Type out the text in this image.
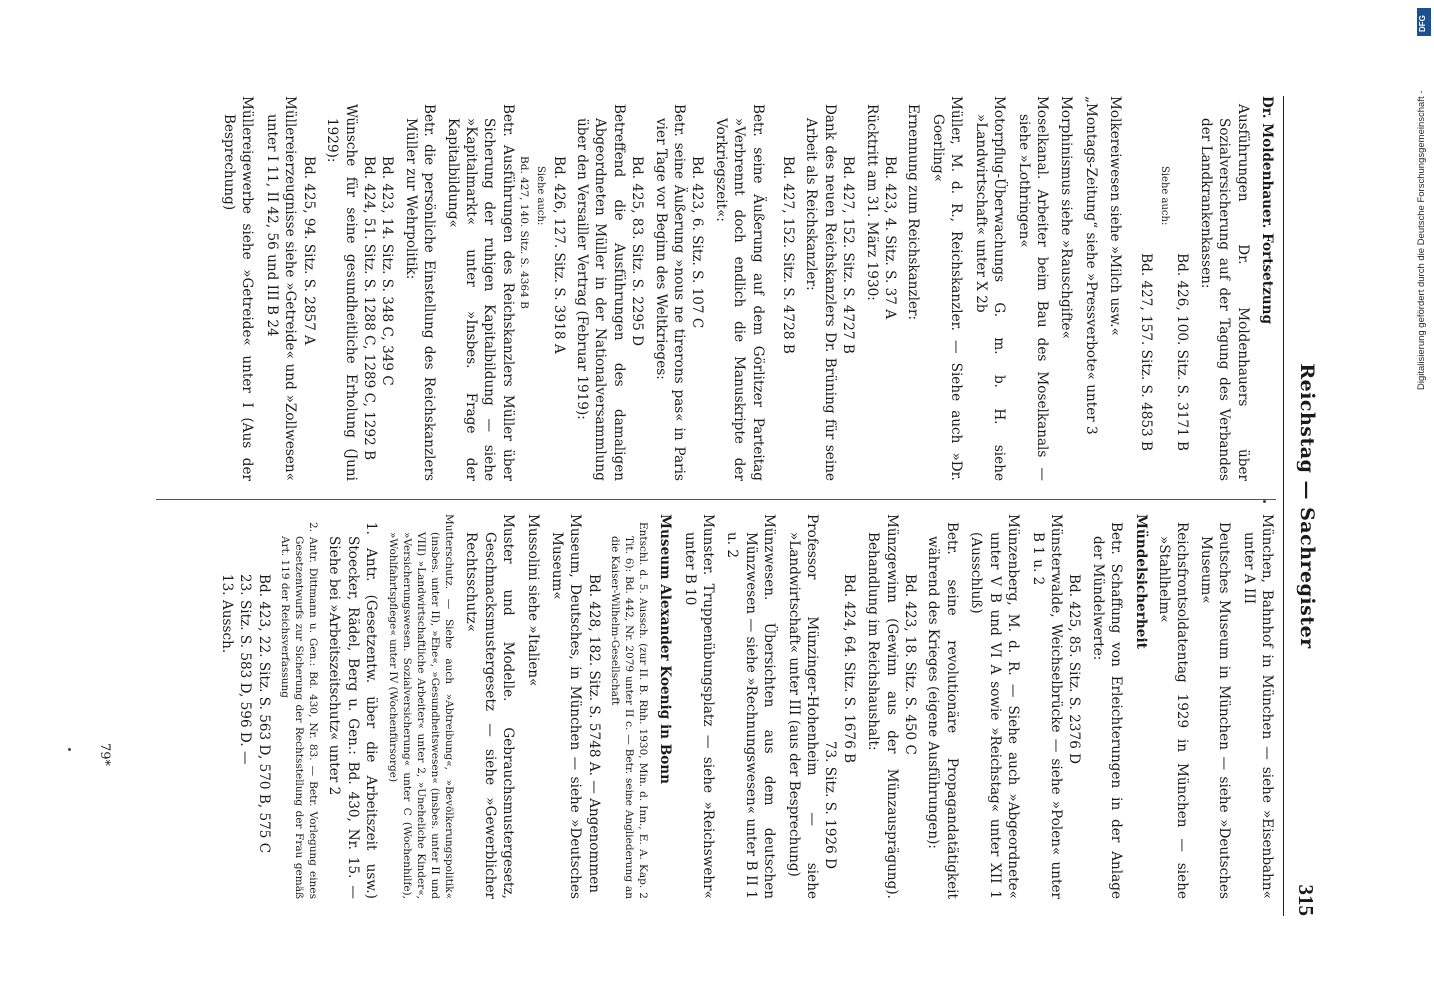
Reichstag — Sachregister
315

Dr. Moldenhauer. Fortsetzung

Ausführungen Dr. Moldenhauers über Sozialversicherung auf der Tagung des Verbandes der Landkrankenkassen:

Bd. 426, 100. Sitz. S. 3171 B

Siehe auch:

Bd. 427, 157. Sitz. S. 4853 B

Molkereiwesen siehe »Milch usw.«

„Montags-Zeitung“ siehe »Pressverbote« unter 3

Morphinismus siehe »Rauschgifte«

Moselkanal. Arbeiter beim Bau des Moselkanals — siehe »Lothringen«

Motorpflug-Überwachungs G. m. b. H. siehe »Landwirtschaft« unter X 2b

Müller, M. d. R., Reichskanzler. — Siehe auch »Dr. Goerling«

Ernennung zum Reichskanzler:

Bd. 423, 4. Sitz. S. 37 A

Rücktritt am 31. März 1930:

Bd. 427, 152. Sitz. S. 4727 B

Dank des neuen Reichskanzlers Dr. Brüning für seine Arbeit als Reichskanzler:

Bd. 427, 152. Sitz. S. 4728 B

Betr. seine Äußerung auf dem Görlitzer Parteitag »Verbrennt doch endlich die Manuskripte der Vorkriegszeit«:

Bd. 423, 6. Sitz. S. 107 C

Betr. seine Äußerung »nous ne tirerons pas« in Paris vier Tage vor Beginn des Weltkrieges:

Bd. 425, 83. Sitz. S. 2295 D

Betreffend die Ausführungen des damaligen Abgeordneten Müller in der Nationalversammlung über den Versailler Vertrag (Februar 1919):

Bd. 426, 127. Sitz. S. 3918 A

Siehe auch:

Bd. 427, 140. Sitz. S. 4364 B

Betr. Ausführungen des Reichskanzlers Müller über Sicherung der ruhigen Kapitalbildung — siehe »Kapitalmarkt« unter »Insbes. Frage der Kapitalbildung«

Betr. die persönliche Einstellung des Reichskanzlers Müller zur Wehrpolitik:

Bd. 423, 14. Sitz. S. 348 C, 349 C

Bd. 424, 51. Sitz. S. 1288 C, 1289 C, 1292 B

Wünsche für seine gesundheitliche Erholung (Juni 1929):

Bd. 425, 94. Sitz. S. 2857 A

Müllereierzeugnisse siehe »Getreide« und »Zollwesen« unter I 11, II 42, 56 und III B 24

Müllereigewerbe siehe »Getreide« unter I (Aus der Besprechung)

München, Bahnhof in München — siehe »Eisenbahn« unter A III

Deutsches Museum in München — siehe »Deutsches Museum«

Reichsfrontsoldatentag 1929 in München — siehe »Stahlhelm«

Mündelsicherheit

Betr. Schaffung von Erleichterungen in der Anlage der Mündelwerte:

Bd. 425, 85. Sitz. S. 2376 D

Münsterwalde, Weichselbrücke — siehe »Polen« unter B 1 u. 2

Münzenberg, M. d. R. — Siehe auch »Abgeordnete« unter V B und VI A sowie »Reichstag« unter XII 1 (Ausschluß)

Betr. seine revolutionäre Propagandatätigkeit während des Krieges (eigene Ausführungen):

Bd. 423, 18. Sitz. S. 450 C

Münzgewinn (Gewinn aus der Münzausprägung). Behandlung im Reichshaushalt:

Bd. 424, 64. Sitz. S. 1676 B

73. Sitz. S. 1926 D

Professor Münzinger-Hohenheim — siehe »Landwirtschaft« unter III (aus der Besprechung)

Münzwesen. Übersichten aus dem deutschen Münzwesen — siehe »Rechnungswesen« unter B II 1 u. 2

Munster. Truppenübungsplatz — siehe »Reichswehr« unter B 10

Museum Alexander Koenig in Bonn

Entschl. d. 5. Aussch. (zur II. B. Rhh. 1930, Min. d. Inn., E. A. Kap. 2 Tit. 6): Bd. 442, Nr. 2079 unter II c. — Betr. seine Angliederung an die Kaiser-Wilhelm-Gesellschaft

Bd. 428, 182. Sitz. S. 5748 A. — Angenommen

Museum, Deutsches, in München — siehe »Deutsches Museum«

Mussolini siehe »Italien«

Muster und Modelle. Gebrauchsmustergesetz, Geschmacksmustergesetz — siehe »Gewerblicher Rechtsschutz«

Mutterschutz. — Siehe auch »Abtreibung«, »Bevölkerungspolitik« (insbes. unter II), »Ehe«, »Gesundheitswesen« (insbes. unter II und VIII) »Landwirtschaftliche Arbeiter« unter 2, »Uneheliche Kinder«, »Versicherungswesen. Sozialversicherung« unter C (Wochenhilfe), »Wohlfahrtspflege« unter IV (Wochenfürsorge)

1. Antr. (Gesetzentw. über die Arbeitszeit usw.) Stoecker, Rädel, Berg u. Gen.: Bd. 430, Nr. 15. — Siehe bei »Arbeitszeitschutz« unter 2

2. Antr. Dittmann u. Gen.: Bd. 430, Nr. 83. — Betr. Vorlegung eines Gesetzentwurfs zur Sicherung der Rechtsstellung der Frau gemäß Art. 119 der Reichsverfassung

Bd. 423, 22. Sitz. S. 563 D, 570 B, 575 C

23. Sitz. S. 583 D, 596 D. —

13. Aussch.

79*
Digitalisierung gefördert durch die Deutsche Forschungsgemeinschaft -
DFG
